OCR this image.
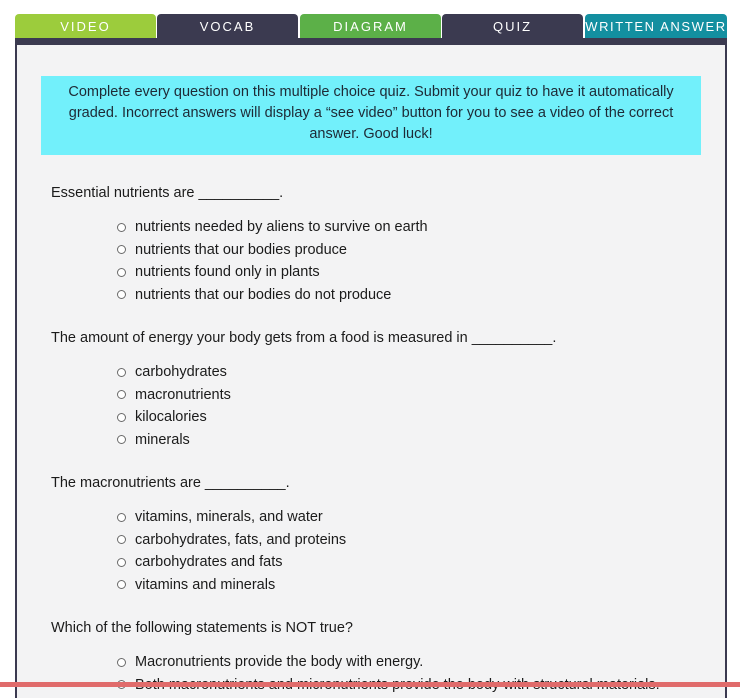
VIDEO	VOCAB	DIAGRAM	QUIZ	WRITTEN ANSWER
Complete every question on this multiple choice quiz. Submit your quiz to have it automatically graded. Incorrect answers will display a “see video” button for you to see a video of the correct answer. Good luck!

Essential nutrients are __________.

nutrients needed by aliens to survive on earth
nutrients that our bodies produce
nutrients found only in plants
nutrients that our bodies do not produce

The amount of energy your body gets from a food is measured in __________.

carbohydrates
macronutrients
kilocalories
minerals

The macronutrients are __________.

vitamins, minerals, and water
carbohydrates, fats, and proteins
carbohydrates and fats
vitamins and minerals

Which of the following statements is NOT true?

Macronutrients provide the body with energy.
